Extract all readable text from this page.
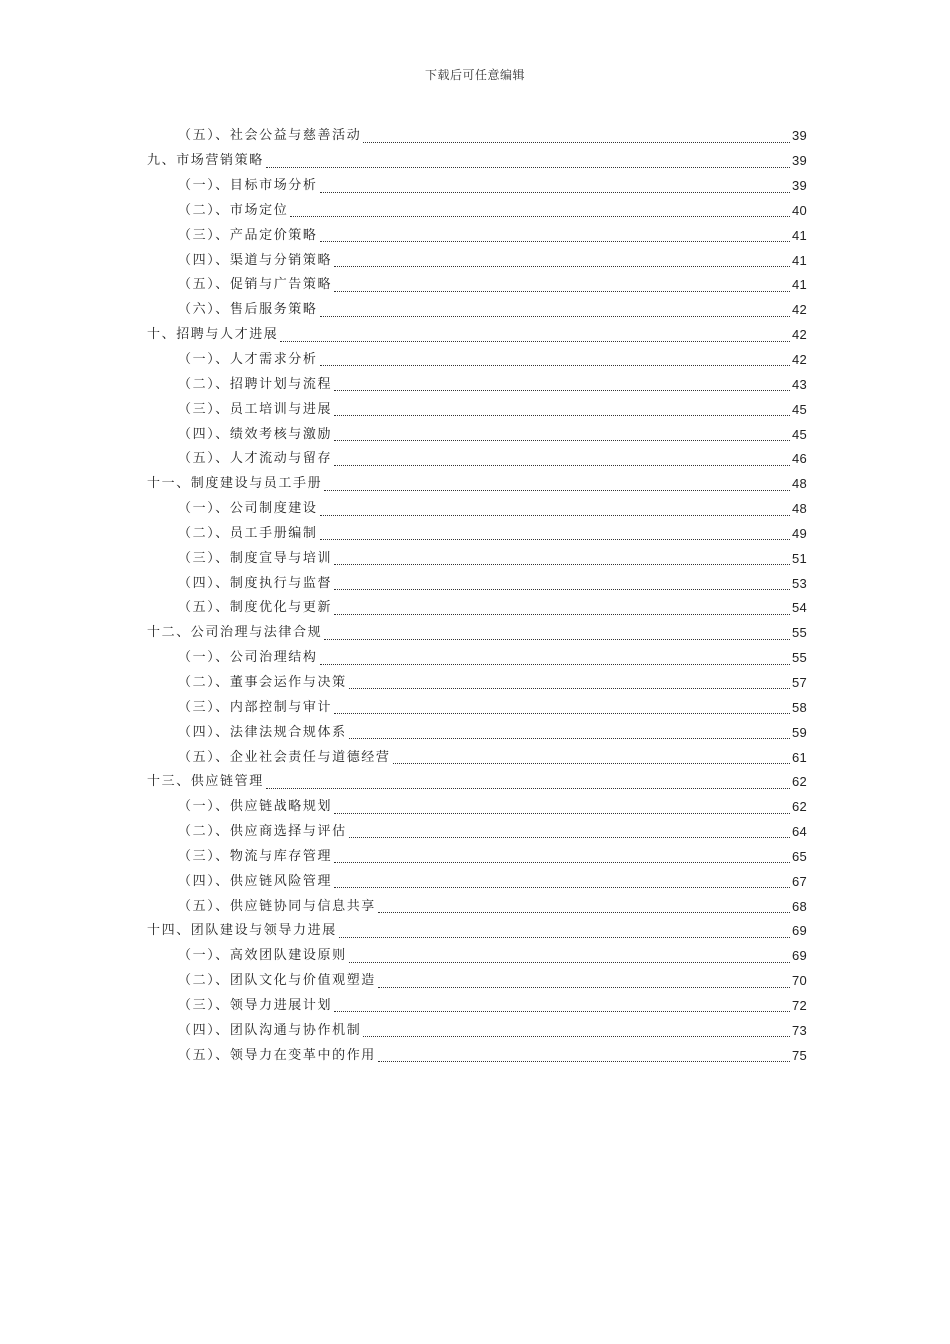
下载后可任意编辑
（五）、社会公益与慈善活动	39
九、市场营销策略	39
（一）、目标市场分析	39
（二）、市场定位	40
（三）、产品定价策略	41
（四）、渠道与分销策略	41
（五）、促销与广告策略	41
（六）、售后服务策略	42
十、招聘与人才进展	42
（一）、人才需求分析	42
（二）、招聘计划与流程	43
（三）、员工培训与进展	45
（四）、绩效考核与激励	45
（五）、人才流动与留存	46
十一、制度建设与员工手册	48
（一）、公司制度建设	48
（二）、员工手册编制	49
（三）、制度宣导与培训	51
（四）、制度执行与监督	53
（五）、制度优化与更新	54
十二、公司治理与法律合规	55
（一）、公司治理结构	55
（二）、董事会运作与决策	57
（三）、内部控制与审计	58
（四）、法律法规合规体系	59
（五）、企业社会责任与道德经营	61
十三、供应链管理	62
（一）、供应链战略规划	62
（二）、供应商选择与评估	64
（三）、物流与库存管理	65
（四）、供应链风险管理	67
（五）、供应链协同与信息共享	68
十四、团队建设与领导力进展	69
（一）、高效团队建设原则	69
（二）、团队文化与价值观塑造	70
（三）、领导力进展计划	72
（四）、团队沟通与协作机制	73
（五）、领导力在变革中的作用	75
